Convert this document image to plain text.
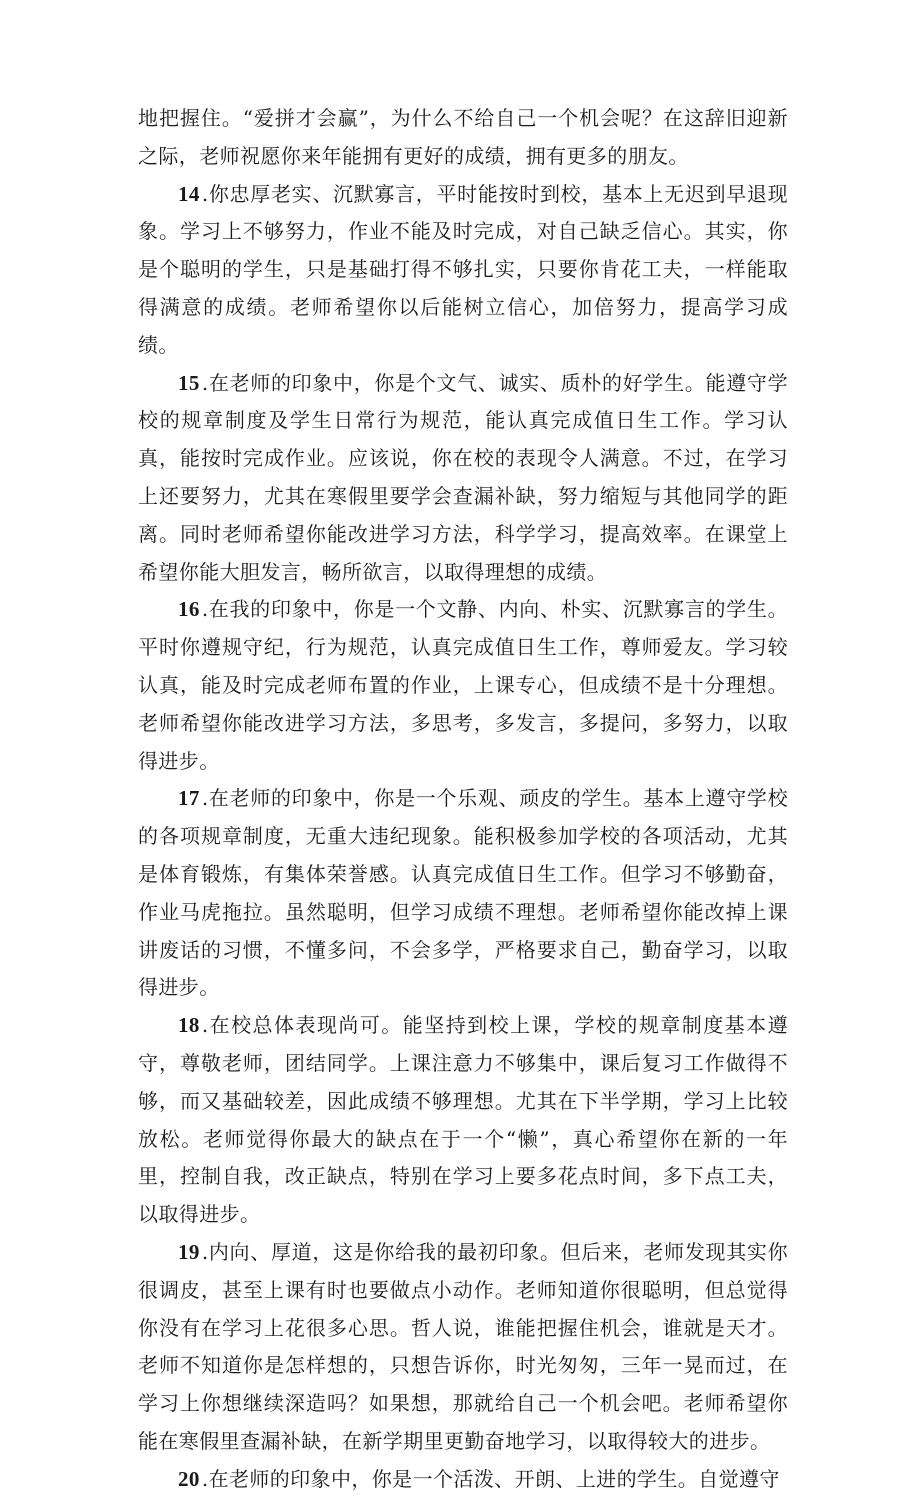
地把握住。“爱拼才会赢”，为什么不给自己一个机会呢？在这辞旧迎新之际，老师祝愿你来年能拥有更好的成绩，拥有更多的朋友。

14 .你忠厚老实、沉默寡言，平时能按时到校，基本上无迟到早退现象。学习上不够努力，作业不能及时完成，对自己缺乏信心。其实，你是个聪明的学生，只是基础打得不够扎实，只要你肯花工夫，一样能取得满意的成绩。老师希望你以后能树立信心，加倍努力，提高学习成绩。

15 .在老师的印象中，你是个文气、诚实、质朴的好学生。能遵守学校的规章制度及学生日常行为规范，能认真完成值日生工作。学习认真，能按时完成作业。应该说，你在校的表现令人满意。不过，在学习上还要努力，尤其在寒假里要学会查漏补缺，努力缩短与其他同学的距离。同时老师希望你能改进学习方法，科学学习，提高效率。在课堂上希望你能大胆发言，畅所欲言，以取得理想的成绩。

16 .在我的印象中，你是一个文静、内向、朴实、沉默寡言的学生。平时你遵规守纪，行为规范，认真完成值日生工作，尊师爱友。学习较认真，能及时完成老师布置的作业，上课专心，但成绩不是十分理想。老师希望你能改进学习方法，多思考，多发言，多提问，多努力，以取得进步。

17 .在老师的印象中，你是一个乐观、顽皮的学生。基本上遵守学校的各项规章制度，无重大违纪现象。能积极参加学校的各项活动，尤其是体育锻炼，有集体荣誉感。认真完成值日生工作。但学习不够勤奋，作业马虎拖拉。虽然聪明，但学习成绩不理想。老师希望你能改掉上课讲废话的习惯，不懂多问，不会多学，严格要求自己，勤奋学习，以取得进步。

18 .在校总体表现尚可。能坚持到校上课，学校的规章制度基本遵守，尊敬老师，团结同学。上课注意力不够集中，课后复习工作做得不够，而又基础较差，因此成绩不够理想。尤其在下半学期，学习上比较放松。老师觉得你最大的缺点在于一个“懒”，真心希望你在新的一年里，控制自我，改正缺点，特别在学习上要多花点时间，多下点工夫，以取得进步。

19 .内向、厚道，这是你给我的最初印象。但后来，老师发现其实你很调皮，甚至上课有时也要做点小动作。老师知道你很聪明，但总觉得你没有在学习上花很多心思。哲人说，谁能把握住机会，谁就是天才。老师不知道你是怎样想的，只想告诉你，时光匆匆，三年一晃而过，在学习上你想继续深造吗？如果想，那就给自己一个机会吧。老师希望你能在寒假里查漏补缺，在新学期里更勤奋地学习，以取得较大的进步。

20 .在老师的印象中，你是一个活泼、开朗、上进的学生。自觉遵守
